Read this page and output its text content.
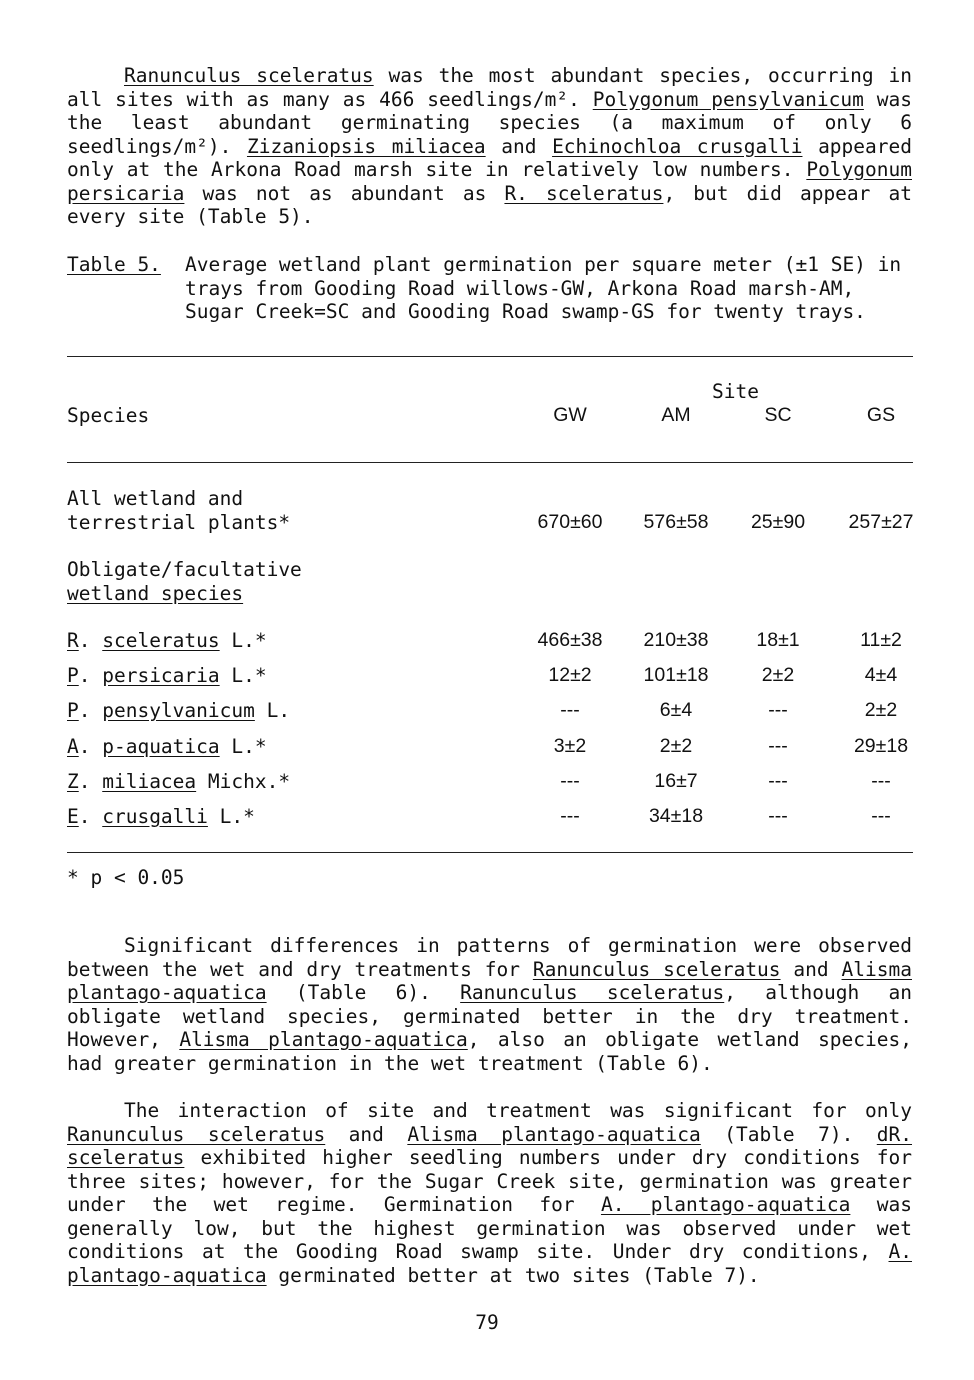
Ranunculus sceleratus was the most abundant species, occurring in all sites with as many as 466 seedlings/m². Polygonum pensylvanicum was the least abundant germinating species (a maximum of only 6 seedlings/m²). Zizaniopsis miliacea and Echinochloa crusgalli appeared only at the Arkona Road marsh site in relatively low numbers. Polygonum persicaria was not as abundant as R. sceleratus, but did appear at every site (Table 5).

Table 5. Average wetland plant germination per square meter (±1 SE) in trays from Gooding Road willows-GW, Arkona Road marsh-AM, Sugar Creek=SC and Gooding Road swamp-GS for twenty trays.

Site
Species	GW	AM	SC	GS
All wetland and
terrestrial plants*	670±60	576±58	25±90	257±27
Obligate/facultative
wetland species
R. sceleratus L.*	466±38	210±38	18±1	11±2
P. persicaria L.*	12±2	101±18	2±2	4±4
P. pensylvanicum L.	---	6±4	---	2±2
A. p-aquatica L.*	3±2	2±2	---	29±18
Z. miliacea Michx.*	---	16±7	---	---
E. crusgalli L.*	---	34±18	---	---
* p < 0.05

Significant differences in patterns of germination were observed between the wet and dry treatments for Ranunculus sceleratus and Alisma plantago-aquatica (Table 6). Ranunculus sceleratus, although an obligate wetland species, germinated better in the dry treatment. However, Alisma plantago-aquatica, also an obligate wetland species, had greater germination in the wet treatment (Table 6).

The interaction of site and treatment was significant for only Ranunculus sceleratus and Alisma plantago-aquatica (Table 7). dR. sceleratus exhibited higher seedling numbers under dry conditions for three sites; however, for the Sugar Creek site, germination was greater under the wet regime. Germination for A. plantago-aquatica was generally low, but the highest germination was observed under wet conditions at the Gooding Road swamp site. Under dry conditions, A. plantago-aquatica germinated better at two sites (Table 7).

79
